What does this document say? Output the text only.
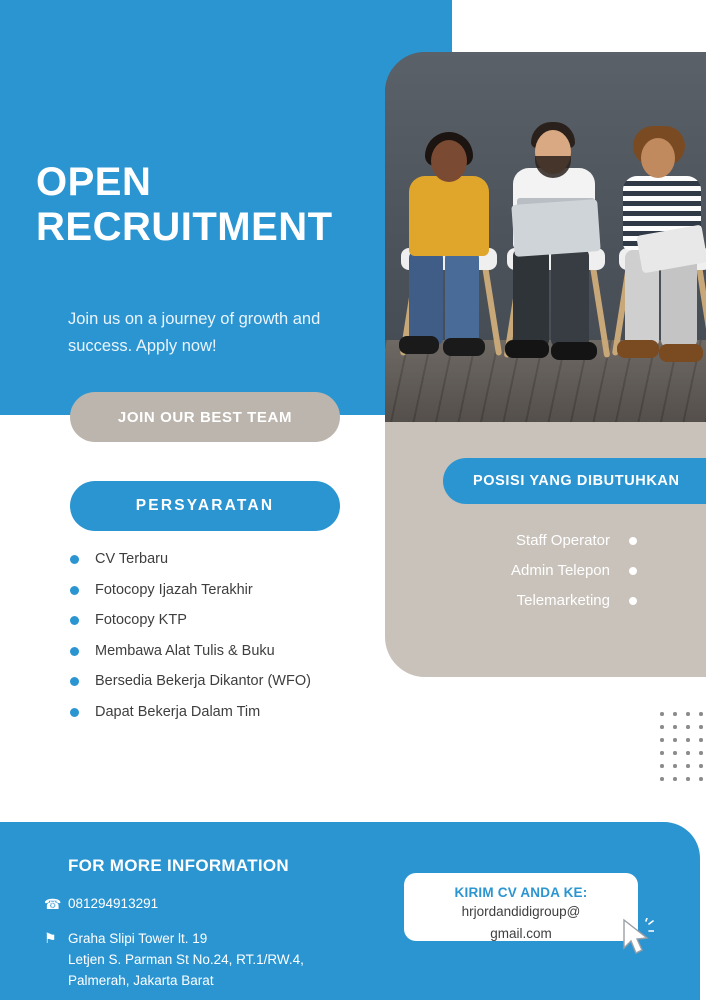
OPEN
RECRUITMENT
Join us on a journey of growth and success. Apply now!
JOIN OUR BEST TEAM
PERSYARATAN
CV Terbaru
Fotocopy Ijazah Terakhir
Fotocopy KTP
Membawa Alat Tulis & Buku
Bersedia Bekerja Dikantor (WFO)
Dapat Bekerja Dalam Tim
POSISI YANG DIBUTUHKAN
Staff Operator
Admin Telepon
Telemarketing
FOR MORE INFORMATION
☎ 081294913291
⚑ Graha Slipi Tower lt. 19
Letjen S. Parman St No.24, RT.1/RW.4,
Palmerah, Jakarta Barat
KIRIM CV ANDA KE:
hrjordandidigroup@
gmail.com
